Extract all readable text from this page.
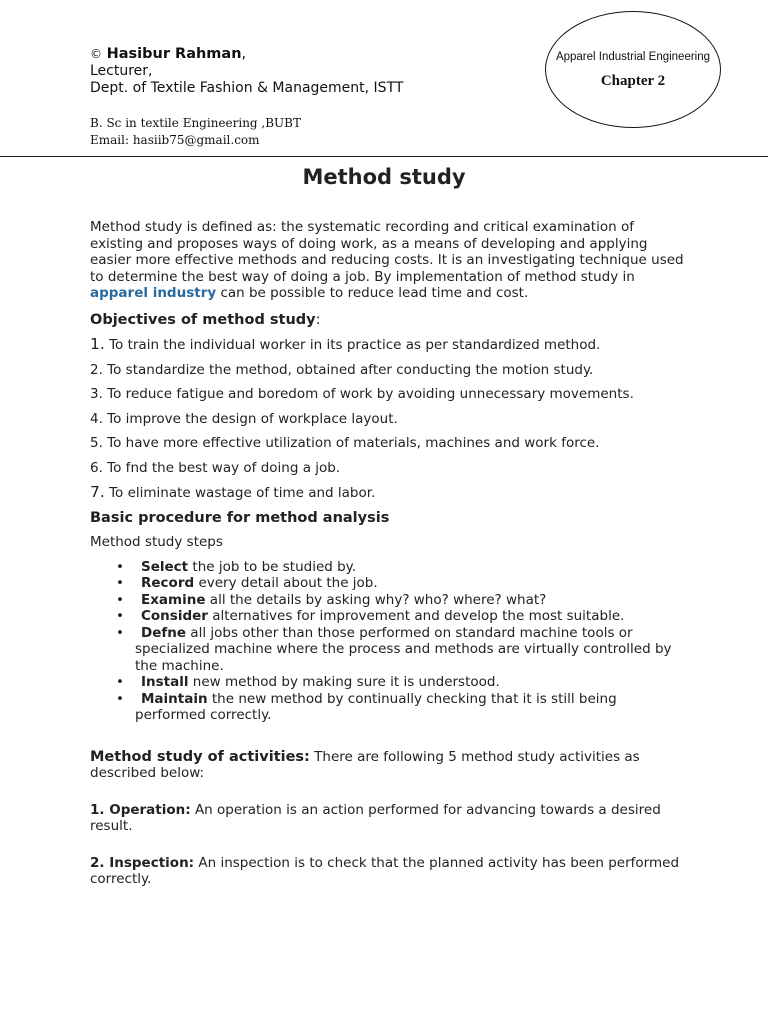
© Hasibur Rahman,
Lecturer,
Dept. of Textile Fashion & Management, ISTT
B. Sc in textile Engineering ,BUBT
Email: hasiib75@gmail.com
Apparel Industrial Engineering
Chapter 2
Method study

Method study is defined as: the systematic recording and critical examination of existing and proposes ways of doing work, as a means of developing and applying easier more effective methods and reducing costs. It is an investigating technique used to determine the best way of doing a job. By implementation of method study in apparel industry can be possible to reduce lead time and cost.

Objectives of method study:

1. To train the individual worker in its practice as per standardized method.
2. To standardize the method, obtained after conducting the motion study.
3. To reduce fatigue and boredom of work by avoiding unnecessary movements.
4. To improve the design of workplace layout.
5. To have more effective utilization of materials, machines and work force.
6. To fnd the best way of doing a job.
7. To eliminate wastage of time and labor.

Basic procedure for method analysis

Method study steps

•	Select the job to be studied by.
•	Record every detail about the job.
•	Examine all the details by asking why? who? where? what?
•	Consider alternatives for improvement and develop the most suitable.
•	Defne all jobs other than those performed on standard machine tools or specialized machine where the process and methods are virtually controlled by the machine.
•	Install new method by making sure it is understood.
•	Maintain the new method by continually checking that it is still being performed correctly.

Method study of activities: There are following 5 method study activities as described below:

1. Operation: An operation is an action performed for advancing towards a desired result.

2. Inspection: An inspection is to check that the planned activity has been performed correctly.
